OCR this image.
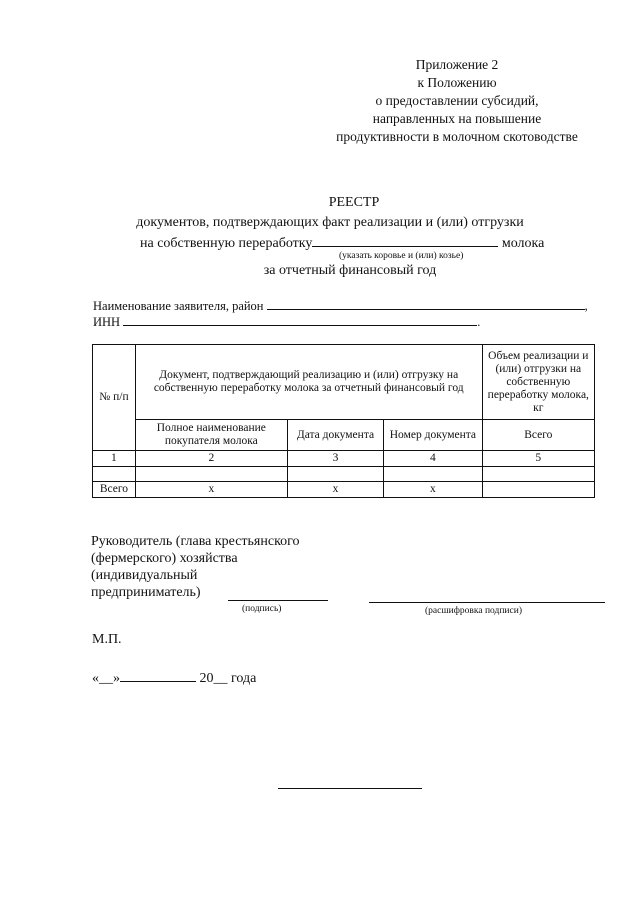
Приложение 2
к Положению
о предоставлении субсидий,
направленных на повышение
продуктивности в молочном скотоводстве
РЕЕСТР
документов, подтверждающих факт реализации и (или) отгрузки
на собственную переработку	молока
(указать коровье и (или) козье)
за отчетный финансовый год
Наименование заявителя, район	,
ИНН	.
№ п/п	Документ, подтверждающий реализацию и (или) отгрузку на собственную переработку молока за отчетный финансовый год			Объем реализации и (или) отгрузки на собственную переработку молока, кг
	Полное наименование покупателя молока	Дата документа	Номер документа	Всего
1	2	3	4	5

Всего	х	х	х	
Руководитель (глава крестьянского
(фермерского) хозяйства
(индивидуальный
предприниматель)
(подпись)	(расшифровка подписи)
М.П.
«__»	20__ года
